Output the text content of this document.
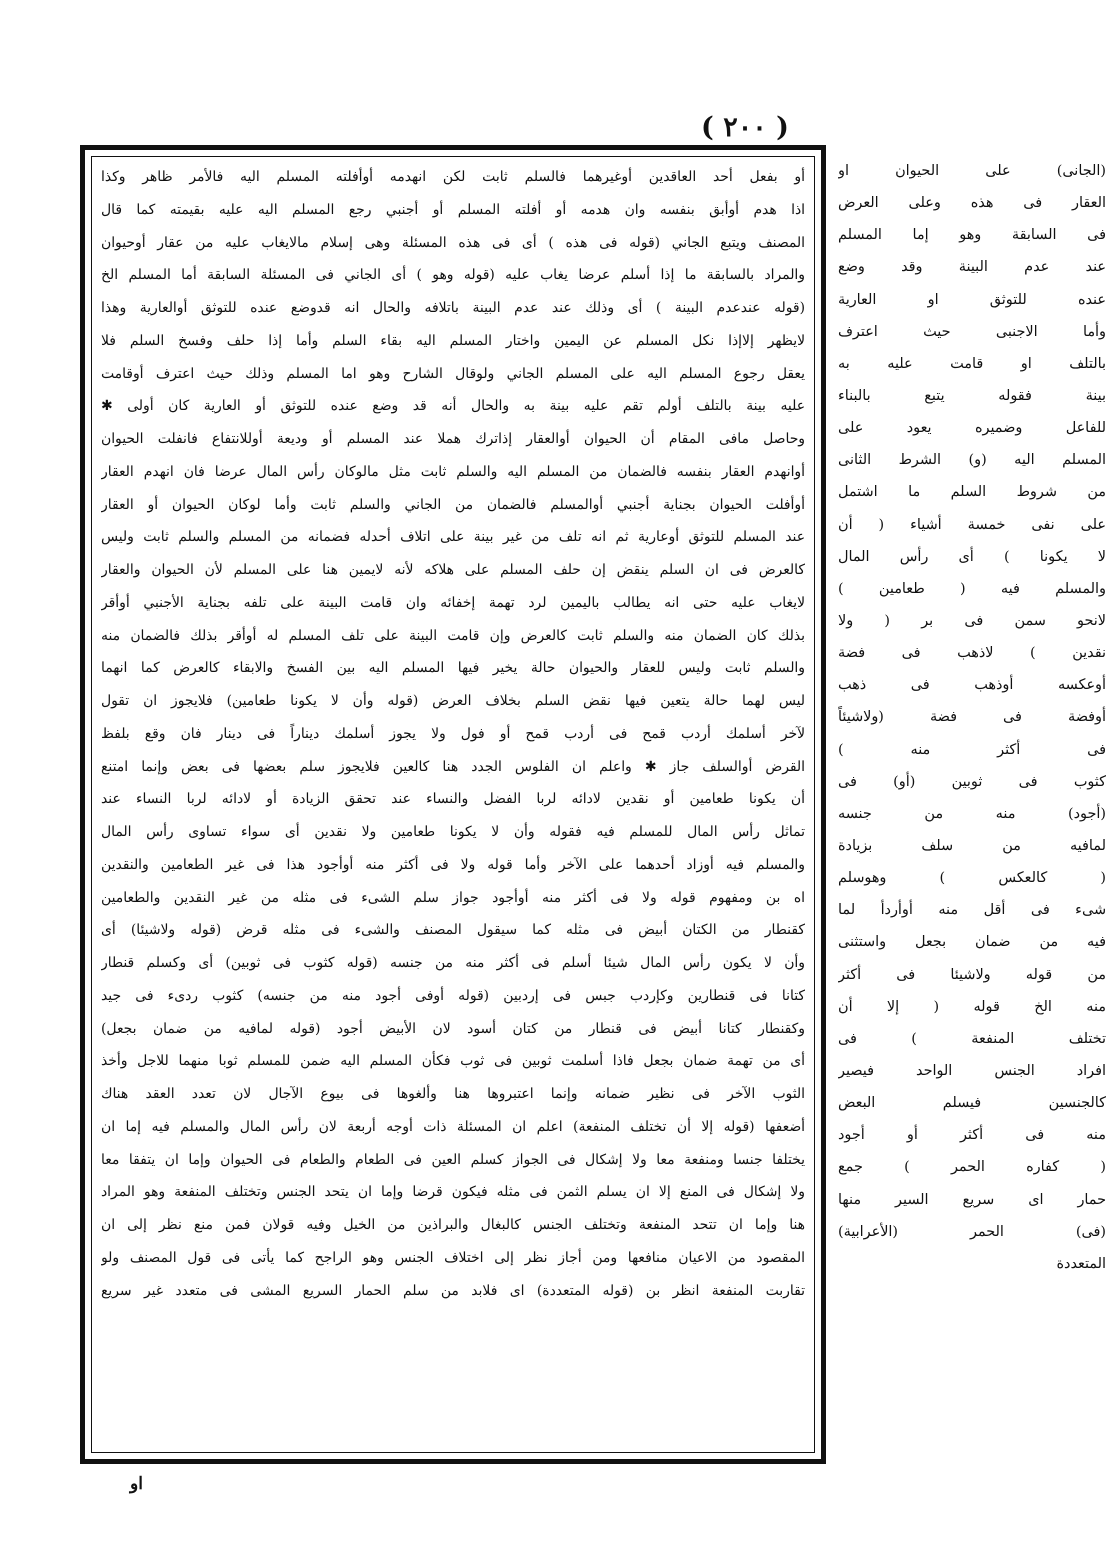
( ٢٠٠ )
أو بفعل أحد العاقدين أوغيرهما فالسلم ثابت لكن انهدمه أوأفلته المسلم اليه فالأمر ظاهر وكذا
اذا هدم أوأبق بنفسه وان هدمه أو أفلته المسلم أو أجنبي رجع المسلم اليه عليه بقيمته كما قال
المصنف ويتبع الجاني (قوله فى هذه ) أى فى هذه المسئلة وهى إسلام مالايغاب عليه من عقار أوحيوان
والمراد بالسابقة ما إذا أسلم عرضا يغاب عليه (قوله وهو ) أى الجاني فى المسئلة السابقة أما المسلم الخ
(قوله عندعدم البينة ) أى وذلك عند عدم البينة باتلافه والحال انه قدوضع عنده للتوثق أوالعارية وهذا
لايظهر إلاإذا نكل المسلم عن اليمين واختار المسلم اليه بقاء السلم وأما إذا حلف وفسخ السلم فلا
يعقل رجوع المسلم اليه على المسلم الجاني ولوقال الشارح وهو اما المسلم وذلك حيث اعترف أوقامت
عليه بينة بالتلف أولم تقم عليه بينة به والحال أنه قد وضع عنده للتوثق أو العارية كان أولى ✱
وحاصل مافى المقام أن الحيوان أوالعقار إذاترك هملا عند المسلم أو وديعة أوللانتفاع فانفلت الحيوان
أوانهدم العقار بنفسه فالضمان من المسلم اليه والسلم ثابت مثل مالوكان رأس المال عرضا فان انهدم العقار
أوأفلت الحيوان بجناية أجنبي أوالمسلم فالضمان من الجاني والسلم ثابت وأما لوكان الحيوان أو العقار
عند المسلم للتوثق أوعارية ثم انه تلف من غير بينة على اتلاف أحدله فضمانه من المسلم والسلم ثابت وليس
كالعرض فى ان السلم ينقض إن حلف المسلم على هلاكه لأنه لايمين هنا على المسلم لأن الحيوان والعقار
لايغاب عليه حتى انه يطالب باليمين لرد تهمة إخفائه وان قامت البينة على تلفه بجناية الأجنبي أوأقر
بذلك كان الضمان منه والسلم ثابت كالعرض وإن قامت البينة على تلف المسلم له أوأقر بذلك فالضمان منه
والسلم ثابت وليس للعقار والحيوان حالة يخير فيها المسلم اليه بين الفسخ والابقاء كالعرض كما انهما
ليس لهما حالة يتعين فيها نقض السلم بخلاف العرض (قوله وأن لا يكونا طعامين) فلايجوز ان تقول
لآخر أسلمك أردب قمح فى أردب قمح أو فول ولا يجوز أسلمك ديناراً فى دينار فان وقع بلفظ
القرض أوالسلف جاز ✱ واعلم ان الفلوس الجدد هنا كالعين فلايجوز سلم بعضها فى بعض وإنما امتنع
أن يكونا طعامين أو نقدين لادائه لربا الفضل والنساء عند تحقق الزيادة أو لادائه لربا النساء عند
تماثل رأس المال للمسلم فيه فقوله وأن لا يكونا طعامين ولا نقدين أى سواء تساوى رأس المال
والمسلم فيه أوزاد أحدهما على الآخر وأما قوله ولا فى أكثر منه أوأجود هذا فى غير الطعامين والنقدين
اه بن ومفهوم قوله ولا فى أكثر منه أوأجود جواز سلم الشىء فى مثله من غير النقدين والطعامين
كقنطار من الكتان أبيض فى مثله كما سيقول المصنف والشىء فى مثله قرض (قوله ولاشيئا) أى
وأن لا يكون رأس المال شيئا أسلم فى أكثر منه من جنسه (قوله كثوب فى ثوبين) أى وكسلم قنطار
كتانا فى قنطارين وكإردب جبس فى إردبين (قوله أوفى أجود منه من جنسه) كثوب ردىء فى جيد
وكقنطار كتانا أبيض فى قنطار من كتان أسود لان الأبيض أجود (قوله لمافيه من ضمان بجعل)
أى من تهمة ضمان بجعل فاذا أسلمت ثوبين فى ثوب فكأن المسلم اليه ضمن للمسلم ثوبا منهما للاجل وأخذ
الثوب الآخر فى نظير ضمانه وإنما اعتبروها هنا وألغوها فى بيوع الآجال لان تعدد العقد هناك
أضعفها (قوله إلا أن تختلف المنفعة) اعلم ان المسئلة ذات أوجه أربعة لان رأس المال والمسلم فيه إما ان
يختلفا جنسا ومنفعة معا ولا إشكال فى الجواز كسلم العين فى الطعام والطعام فى الحيوان وإما ان يتفقا معا
ولا إشكال فى المنع إلا ان يسلم الثمن فى مثله فيكون قرضا وإما ان يتحد الجنس وتختلف المنفعة وهو المراد
هنا وإما ان تتحد المنفعة وتختلف الجنس كالبغال والبراذين من الخيل وفيه قولان فمن منع نظر إلى ان
المقصود من الاعيان منافعها ومن أجاز نظر إلى اختلاف الجنس وهو الراجح كما يأتى فى قول المصنف ولو
تقاربت المنفعة انظر بن (قوله المتعددة) اى فلابد من سلم الحمار السريع المشى فى متعدد غير سريع
(الجانى) على الحيوان او
العقار فى هذه وعلى العرض
فى السابقة وهو إما المسلم
عند عدم البينة وقد وضع
عنده للتوثق او العارية
وأما الاجنبى حيث اعترف
بالتلف او قامت عليه به
بينة فقوله يتبع بالبناء
للفاعل وضميره يعود على
المسلم اليه (و) الشرط الثانى
من شروط السلم ما اشتمل
على نفى خمسة أشياء ( أن
لا يكونا ) أى رأس المال
والمسلم فيه ( طعامين )
لانحو سمن فى بر ( ولا
نقدين ) لاذهب فى فضة
أوعكسه أوذهب فى ذهب
أوفضة فى فضة (ولاشيئاً
فى أكثر منه )
كثوب فى ثوبين (أو) فى
(أجود) منه من جنسه
لمافيه من سلف بزيادة
( كالعكس ) وهوسلم
شىء فى أقل منه أوأردأ لما
فيه من ضمان بجعل واستثنى
من قوله ولاشيئا فى أكثر
منه الخ قوله ( إلا أن
تختلف المنفعة ) فى
افراد الجنس الواحد فيصير
كالجنسين فيسلم البعض
منه فى أكثر أو أجود
( كفاره الحمر ) جمع
حمار اى سريع السير منها
(فى) الحمر (الأعرابية)
المتعددة
او
